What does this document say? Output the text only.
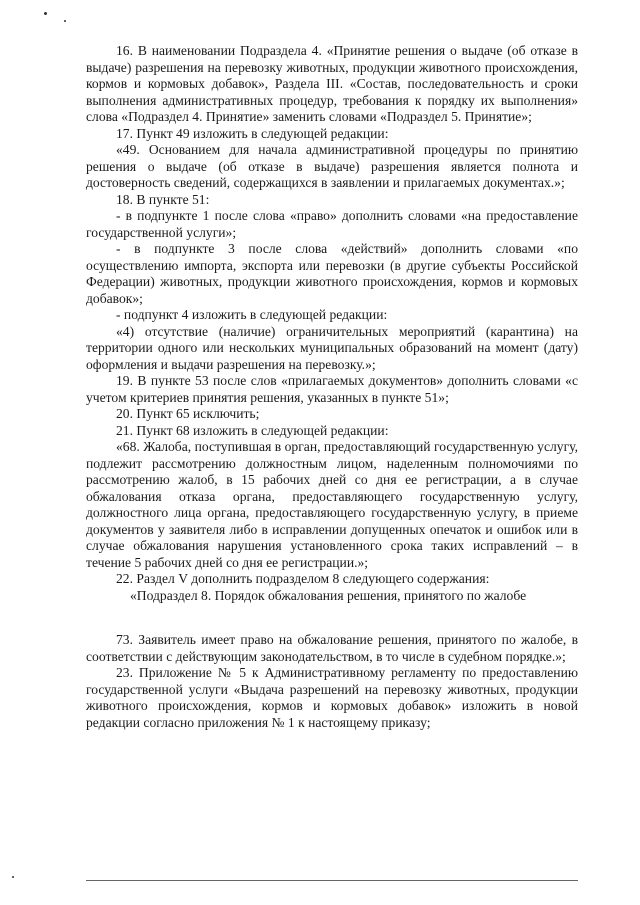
16. В наименовании Подраздела 4. «Принятие решения о выдаче (об отказе в выдаче) разрешения на перевозку животных, продукции животного происхождения, кормов и кормовых добавок», Раздела III. «Состав, последовательность и сроки выполнения административных процедур, требования к порядку их выполнения» слова «Подраздел 4. Принятие» заменить словами «Подраздел 5. Принятие»;

17. Пункт 49 изложить в следующей редакции:

«49. Основанием для начала административной процедуры по принятию решения о выдаче (об отказе в выдаче) разрешения является полнота и достоверность сведений, содержащихся в заявлении и прилагаемых документах.»;

18. В пункте 51:

- в подпункте 1 после слова «право» дополнить словами «на предоставление государственной услуги»;

- в подпункте 3 после слова «действий» дополнить словами «по осуществлению импорта, экспорта или перевозки (в другие субъекты Российской Федерации) животных, продукции животного происхождения, кормов и кормовых добавок»;

- подпункт 4 изложить в следующей редакции:

«4) отсутствие (наличие) ограничительных мероприятий (карантина) на территории одного или нескольких муниципальных образований на момент (дату) оформления и выдачи разрешения на перевозку.»;

19. В пункте 53 после слов «прилагаемых документов» дополнить словами «с учетом критериев принятия решения, указанных в пункте 51»;

20. Пункт 65 исключить;

21. Пункт 68 изложить в следующей редакции:

«68. Жалоба, поступившая в орган, предоставляющий государственную услугу, подлежит рассмотрению должностным лицом, наделенным полномочиями по рассмотрению жалоб, в 15 рабочих дней со дня ее регистрации, а в случае обжалования отказа органа, предоставляющего государственную услугу, должностного лица органа, предоставляющего государственную услугу, в приеме документов у заявителя либо в исправлении допущенных опечаток и ошибок или в случае обжалования нарушения установленного срока таких исправлений – в течение 5 рабочих дней со дня ее регистрации.»;

22. Раздел V дополнить подразделом 8 следующего содержания:

«Подраздел 8. Порядок обжалования решения, принятого по жалобе

73. Заявитель имеет право на обжалование решения, принятого по жалобе, в соответствии с действующим законодательством, в то числе в судебном порядке.»;

23. Приложение № 5 к Административному регламенту по предоставлению государственной услуги «Выдача разрешений на перевозку животных, продукции животного происхождения, кормов и кормовых добавок» изложить в новой редакции согласно приложения № 1 к настоящему приказу;
